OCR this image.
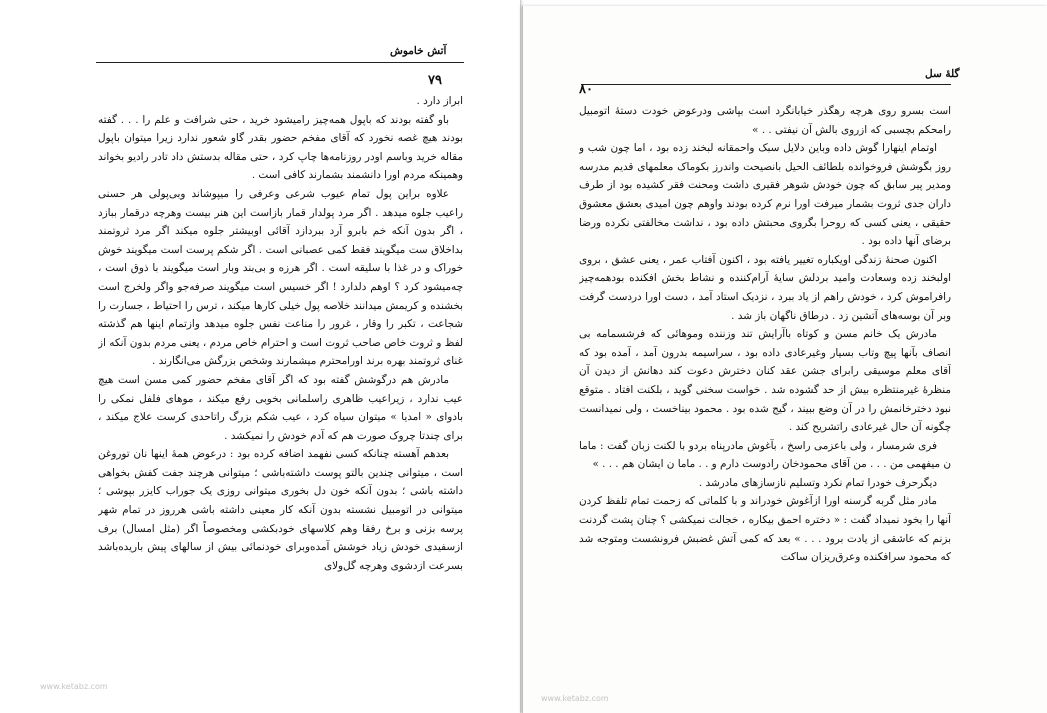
آتش خاموش
۷۹

ابراز دارد .

باو گفته بودند که باپول همه‌چیز رامیشود خرید ، حتی شرافت و علم را . . . گفته بودند هیچ غصه نخورد که آقای مفخم حضور بقدر گاو شعور ندارد زیرا میتوان باپول مقاله خرید وباسم اودر روزنامه‌ها چاپ کرد ، حتی مقاله بدستش داد تادر رادیو بخواند وهمینکه مردم اورا دانشمند بشمارند کافی است .

علاوه براین پول تمام عیوب شرعی وعرفی را میپوشاند وبی‌پولی هر حسنی راعیب جلوه میدهد . اگر مرد پولدار قمار بازاست این هنر بیست وهرچه درقمار ببازد ، اگر بدون آنکه خم بابرو آرد ببردازد آقائی اوبیشتر جلوه میکند اگر مرد ثروتمند بداخلاق ست میگویند فقط کمی عصبانی است . اگر شکم پرست است میگویند خوش خوراک و در غذا با سلیقه است . اگر هرزه و بی‌بند وبار است میگویند با ذوق است ، چه‌میشود کرد ؟ اوهم دلدارد ! اگر خسیس است میگویند صرفه‌جو واگر ولخرج است بخشنده و کریمش میدانند خلاصه پول خیلی کارها میکند ، ترس را احتیاط ، جسارت را شجاعت ، تکبر را وقار ، غرور را مناعت نفس جلوه میدهد وازتمام اینها هم گذشته لفظ و ثروت خاص صاحب ثروت است و احترام خاص مردم ، یعنی مردم بدون آنکه از غنای ثروتمند بهره برند اورامحترم میشمارند وشخص بزرگش می‌انگارند .

مادرش هم درگوشش گفته بود که اگر آقای مفخم حضور کمی مسن است هیچ عیب ندارد ، زیراعیب ظاهری راسلمانی بخوبی رفع میکند ، موهای فلفل نمکی را بادوای « امدیا » میتوان سیاه کرد ، عیب شکم بزرگ راتاحدی کرست علاج میکند ، برای چندتا چروک صورت هم که آدم خودش را نمیکشد .

بعدهم آهسته چنانکه کسی نفهمد اضافه کرده بود : درعوض همهٔ اینها نان توروغن است ، میتوانی چندین بالتو پوست داشته‌باشی ؛ میتوانی هرچند جفت کفش بخواهی داشته باشی ؛ بدون آنکه خون دل بخوری میتوانی روزی یک جوراب کایزر بپوشی ؛ میتوانی در اتومبیل نشسته بدون آنکه کار معینی داشته باشی هرروز در تمام شهر پرسه بزنی و برخ رفقا وهم کلاسهای خودبکشی ومخصوصاً اگر (مثل امسال) برف ازسفیدی خودش زیاد خوشش آمده‌وبرای خودنمائی بیش از سالهای پیش بارید‌ه‌باشد بسرعت ازدشوی وهرچه گل‌ولای

www.ketabz.com
گلهٔ سل
۸۰

است بسرو روی هرچه رهگذر خیابانگرد است بپاشی ودرعوض خودت دستهٔ اتومبیل رامحکم بچسبی که ازروی بالش آن نیفتی . . »

اوتمام اینهارا گوش داده وباین دلایل سبک واحمقانه لبخند زده بود ، اما چون شب و روز بگوشش فروخوانده بلطائف الحیل بانصیحت واندرز بکوماک معلمهای قدیم مدرسه ومدیر پیر سابق که چون خودش شوهر فقیری داشت ومحنت فقر کشیده بود از طرف داران جدی ثروت بشمار میرفت اورا نرم کرده بودند واوهم چون امیدی بعشق معشوق حقیقی ، یعنی کسی که روحرا بگروی محبتش داده بود ، نداشت مخالفتی نکرده ورضا برضای آنها داده بود .

اکنون صحنهٔ زندگی اویکباره تغییر یافته بود ، اکنون آفتاب عمر ، یعنی عشق ، بروی اولبخند زده وسعادت وامید بردلش سایهٔ آرام‌کننده و نشاط بخش افکنده بودهمه‌چیز رافراموش کرد ، خودش راهم از یاد ببرد ، نزدیک استاد آمد ، دست اورا دردست گرفت وبر آن بوسه‌های آتشین زد . درطاق ناگهان باز شد .

مادرش یک خانم مسن و کوتاه باآرایش تند وزننده وموهائی که فرشسمامه بی انصاف بآنها پیچ وتاب بسیار وغیرعادی داده بود ، سراسیمه بدرون آمد ، آمده بود که آقای معلم موسیقی رابرای جشن عقد کنان دخترش دعوت کند دهانش از دیدن آن منظرهٔ غیرمنتظره بیش از حد گشوده شد . خواست سخنی گوید ، بلکنت افتاد . متوقع نبود دخترخانمش را در آن وضع ببیند ، گیج شده بود . محمود بیناخست ، ولی نمیدانست چگونه آن حال غیرعادی راتشریح کند .

فری شرمسار ، ولی باعزمی راسخ ، بآغوش مادرپناه بردو با لکنت زبان گفت : ماما ن میفهمی من . . . من آقای محمودخان رادوست دارم و . . ماما ن ایشان هم . . . »

دیگرحرف خودرا تمام نکرد وتسلیم نازسازهای مادرشد .

مادر مثل گربه گرسنه اورا ازآغوش خودراند و با کلماتی که زحمت تمام تلفظ کردن آنها را بخود نمیداد گفت : « دختره احمق بیکاره ، خجالت نمیکشی ؟ چنان پشت گردنت بزنم که عاشقی از یادت برود . . . » بعد که کمی آتش غضبش فرونشست ومتوجه شد که محمود سرافکنده وعرق‌ریزان ساکت

www.ketabz.com
